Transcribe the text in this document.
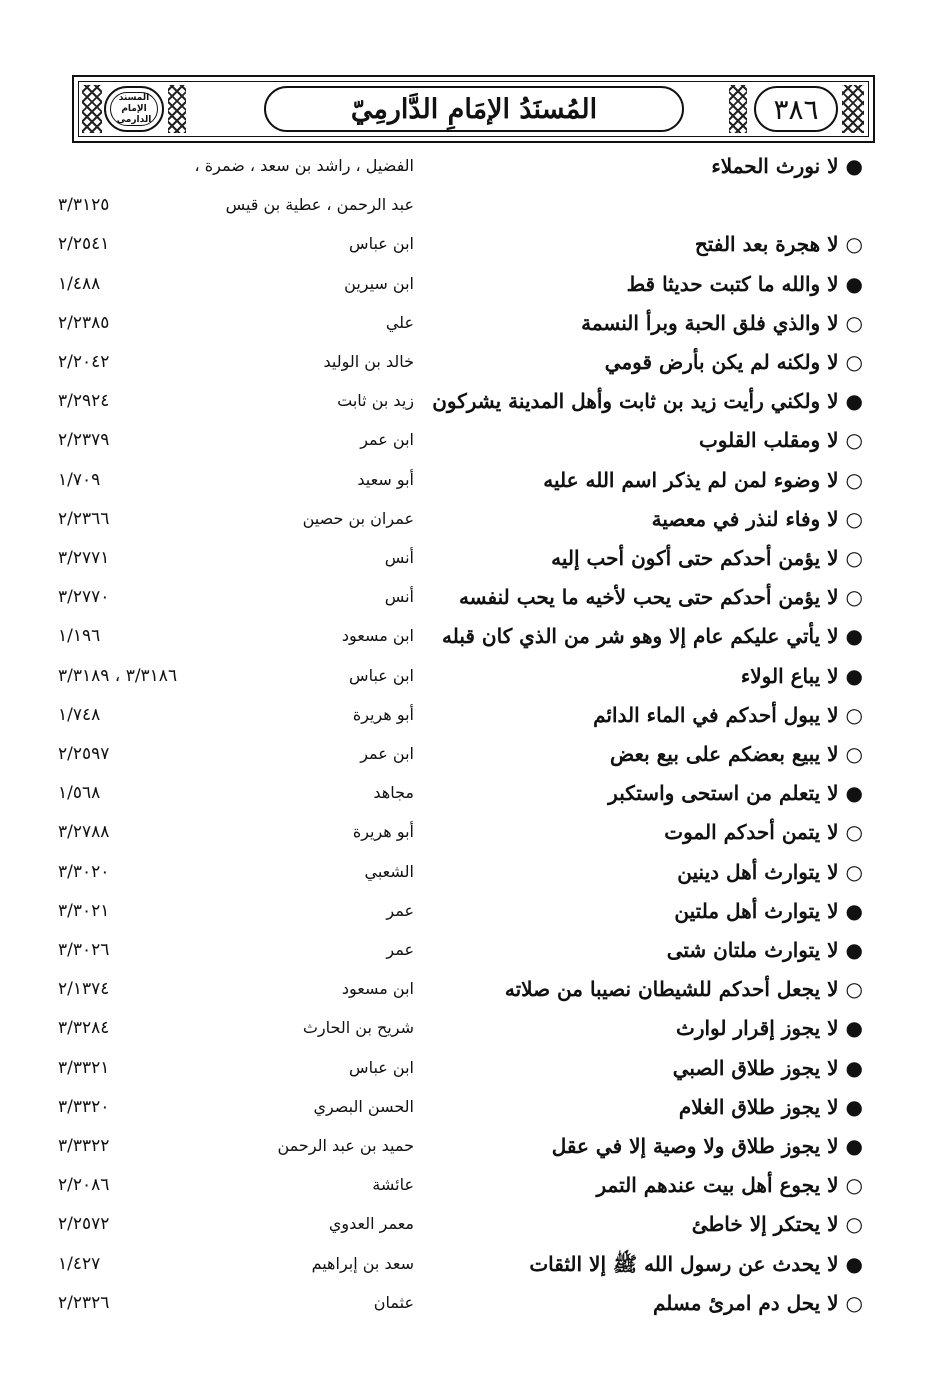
المسند الإمام الدارمي	المُسنَدُ الإمَامِ الدَّارمِيّ	٣٨٦
● لا نورث الحملاء
الفضيل ، راشد بن سعد ، ضمرة ،
عبد الرحمن ، عطية بن قيس
٣/٣١٢٥
○ لا هجرة بعد الفتح
ابن عباس
٢/٢٥٤١
● لا والله ما كتبت حديثا قط
ابن سيرين
١/٤٨٨
○ لا والذي فلق الحبة وبرأ النسمة
علي
٢/٢٣٨٥
○ لا ولكنه لم يكن بأرض قومي
خالد بن الوليد
٢/٢٠٤٢
● لا ولكني رأيت زيد بن ثابت وأهل المدينة يشركون
زيد بن ثابت
٣/٢٩٢٤
○ لا ومقلب القلوب
ابن عمر
٢/٢٣٧٩
○ لا وضوء لمن لم يذكر اسم الله عليه
أبو سعيد
١/٧٠٩
○ لا وفاء لنذر في معصية
عمران بن حصين
٢/٢٣٦٦
○ لا يؤمن أحدكم حتى أكون أحب إليه
أنس
٣/٢٧٧١
○ لا يؤمن أحدكم حتى يحب لأخيه ما يحب لنفسه
أنس
٣/٢٧٧٠
● لا يأتي عليكم عام إلا وهو شر من الذي كان قبله
ابن مسعود
١/١٩٦
● لا يباع الولاء
ابن عباس
٣/٣١٨٦ ، ٣/٣١٨٩
○ لا يبول أحدكم في الماء الدائم
أبو هريرة
١/٧٤٨
○ لا يبيع بعضكم على بيع بعض
ابن عمر
٢/٢٥٩٧
● لا يتعلم من استحى واستكبر
مجاهد
١/٥٦٨
○ لا يتمن أحدكم الموت
أبو هريرة
٣/٢٧٨٨
○ لا يتوارث أهل دينين
الشعبي
٣/٣٠٢٠
● لا يتوارث أهل ملتين
عمر
٣/٣٠٢١
● لا يتوارث ملتان شتى
عمر
٣/٣٠٢٦
○ لا يجعل أحدكم للشيطان نصيبا من صلاته
ابن مسعود
٢/١٣٧٤
● لا يجوز إقرار لوارث
شريح بن الحارث
٣/٣٢٨٤
● لا يجوز طلاق الصبي
ابن عباس
٣/٣٣٢١
● لا يجوز طلاق الغلام
الحسن البصري
٣/٣٣٢٠
● لا يجوز طلاق ولا وصية إلا في عقل
حميد بن عبد الرحمن
٣/٣٣٢٢
○ لا يجوع أهل بيت عندهم التمر
عائشة
٢/٢٠٨٦
○ لا يحتكر إلا خاطئ
معمر العدوي
٢/٢٥٧٢
● لا يحدث عن رسول الله ﷺ إلا الثقات
سعد بن إبراهيم
١/٤٢٧
○ لا يحل دم امرئ مسلم
عثمان
٢/٢٣٢٦
